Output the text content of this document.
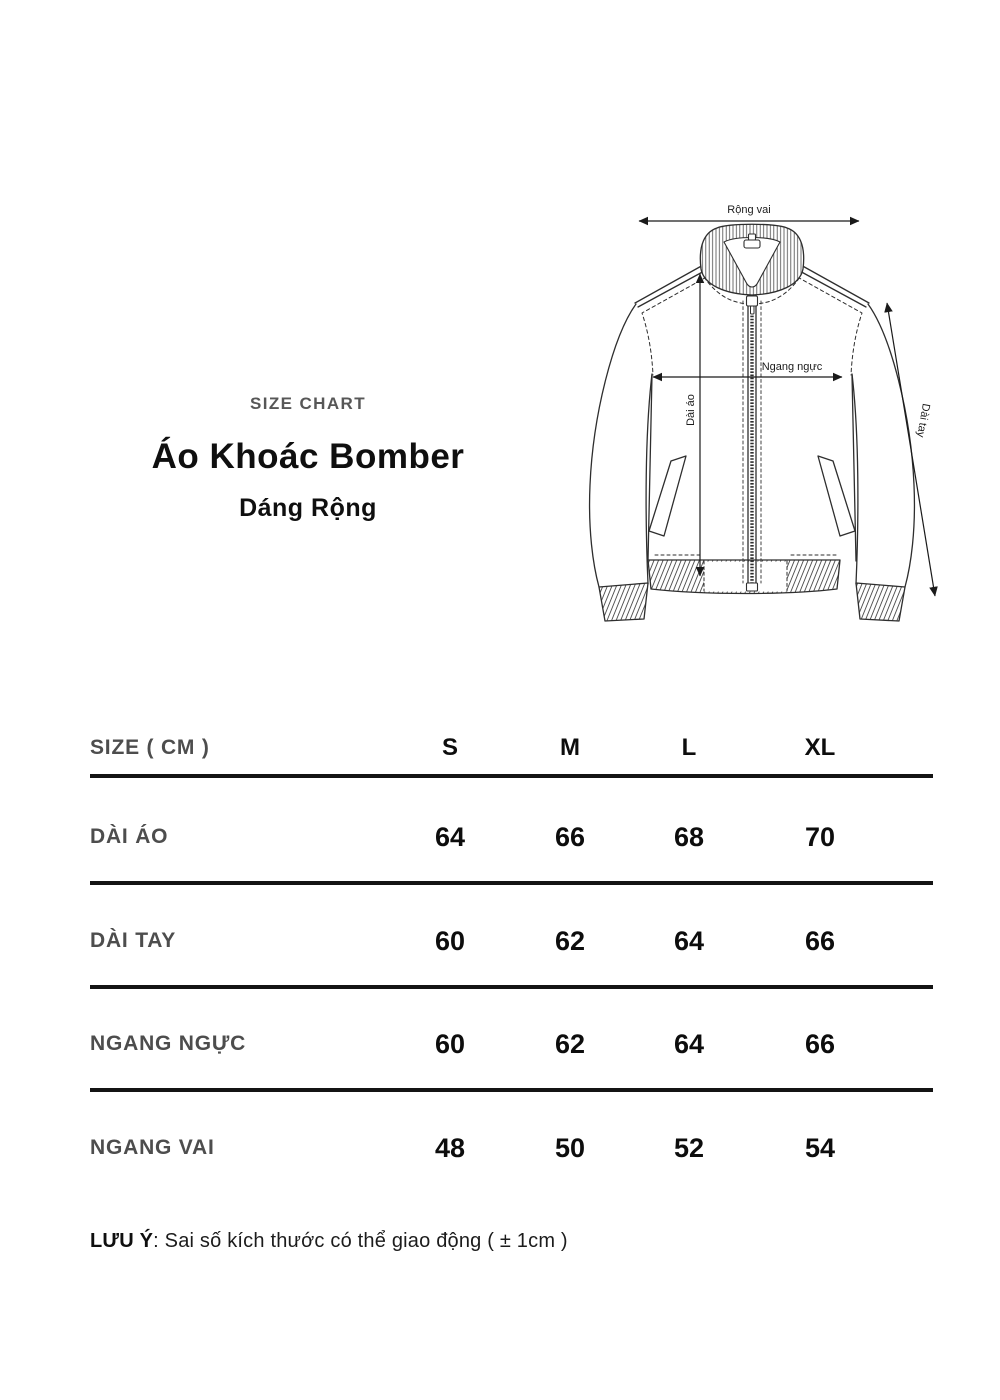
SIZE CHART
Áo Khoác Bomber
Dáng Rộng
Rộng vai
Ngang ngực
Dài áo	Dài tay
SIZE ( CM )	S	M	L	XL
DÀI ÁO	64	66	68	70
DÀI TAY	60	62	64	66
NGANG NGỰC	60	62	64	66
NGANG VAI	48	50	52	54

LƯU Ý: Sai số kích thước có thể giao động ( ± 1cm )
